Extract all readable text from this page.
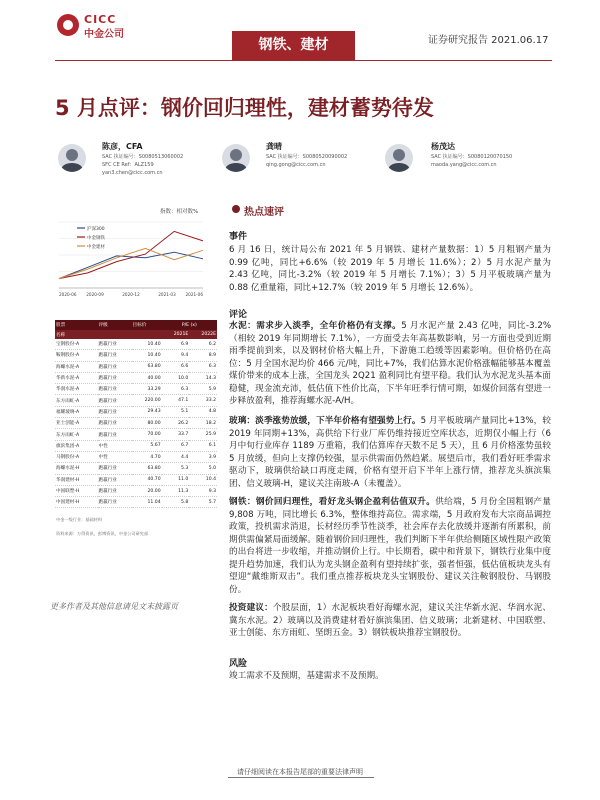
CICC
中金公司
钢铁、建材	证券研究报告 2021.06.17
5 月点评：钢价回归理性，建材蓄势待发
陈彦，CFA
SAC 执证编号：S0080513060002
SFC CE Ref：ALZ159
yan3.chen@cicc.com.cn
龚晴
SAC 执证编号：S0080520090002
qing.gong@cicc.com.cn
杨茂达
SAC 执证编号：S0080120070150
maoda.yang@cicc.com.cn
指数：相对数%
沪深300
中金钢铁
中金建材
2020-06 2020-09	2020-12	2021-03 2021-06
股票	评级	目标价	P/E (x)	
名称			2021E	2022E
宝钢股份-A	跑赢行业	10.40	6.9	6.2
鞍钢股份-A	跑赢行业	10.40	9.4	8.9
海螺水泥-A	跑赢行业	63.80	6.6	6.3
华新水泥-A	跑赢行业	40.00	10.0	14.3
华润水泥-A	跑赢行业	33.29	6.3	5.9
东方雨虹-A	跑赢行业	220.00	47.1	33.2
福耀玻璃-A	跑赢行业	29.43	5.1	4.8
亚士创能-A	跑赢行业	80.00	26.2	18.2
东方雨虹-A	跑赢行业	70.00	33.7	25.9
旗滨集团-A	中性	5.67	6.7	6.1
马钢股份-A	中性	4.70	4.4	3.9
海螺水泥-H	跑赢行业	63.80	5.3	5.0
华润建材-H	跑赢行业	40.70	11.0	10.4
中国联塑-H	跑赢行业	20.00	11.3	9.3
中国建材-H	跑赢行业	11.04	5.8	5.7
中金一级行业：基础材料				
资料来源：万得资讯，彭博资讯，中金公司研究部				
更多作者及其他信息请见文末披露页
热点速评
事件
6 月 16 日，统计局公布 2021 年 5 月钢铁、建材产量数据：1）5 月粗钢产量为 0.99 亿吨，同比+6.6%（较 2019 年 5 月增长 11.6%）；2）5 月水泥产量为 2.43 亿吨，同比-3.2%（较 2019 年 5 月增长 7.1%）；3）5 月平板玻璃产量为 0.88 亿重量箱，同比+12.7%（较 2019 年 5 月增长 12.6%）。
评论
水泥：需求步入淡季，全年价格仍有支撑。5 月水泥产量 2.43 亿吨，同比-3.2%（相较 2019 年同期增长 7.1%），一方面受去年高基数影响，另一方面也受到近期雨季提前到来，以及钢材价格大幅上升，下游施工趋缓等因素影响。但价格仍在高位：5 月全国水泥均价 466 元/吨，同比+7%，我们估算水泥价格涨幅能够基本覆盖煤价带来的成本上涨，全国龙头 2Q21 盈利同比有望平稳。我们认为水泥龙头基本面稳健，现金流充沛，低估值下性价比高，下半年旺季行情可期，如煤价回落有望进一步释放盈利，推荐海螺水泥-A/H。
玻璃：淡季涨势放缓，下半年价格有望强势上行。5 月平板玻璃产量同比+13%，较 2019 年同期+13%，高供给下行业厂库仍维持接近空库状态，近期仅小幅上行（6 月中旬行业库存 1189 万重箱，我们估算库存天数不足 5 天），且 6 月价格涨势虽较 5 月放缓，但向上支撑仍较强，显示供需面仍然趋紧。展望后市，我们看好旺季需求驱动下，玻璃供给缺口再度走阔，价格有望开启下半年上涨行情，推荐龙头旗滨集团、信义玻璃-H，建议关注南玻-A（未覆盖）。
钢铁：钢价回归理性，看好龙头钢企盈利估值双升。供给端，5 月份全国粗钢产量 9,808 万吨，同比增长 6.3%，整体维持高位。需求端，5 月政府发布大宗商品调控政策，投机需求消退，长材经历季节性淡季，社会库存去化放缓并逐渐有所累积，前期供需偏紧局面缓解。随着钢价回归理性，我们判断下半年供给侧随区域性限产政策的出台将进一步收缩，并推动钢价上行。中长期看，碳中和背景下，钢铁行业集中度提升趋势加速，我们认为龙头钢企盈利有望持续扩张，强者恒强，低估值板块龙头有望迎“戴维斯双击”。我们重点推荐板块龙头宝钢股份、建议关注鞍钢股份、马钢股份。
投资建议：个股层面，1）水泥板块看好海螺水泥，建议关注华新水泥、华润水泥、冀东水泥。2）玻璃以及消费建材看好旗滨集团、信义玻璃；北新建材、中国联塑、亚士创能、东方雨虹、坚朗五金。3）钢铁板块推荐宝钢股份。
风险
竣工需求不及预期，基建需求不及预期。
请仔细阅读在本报告尾部的重要法律声明
